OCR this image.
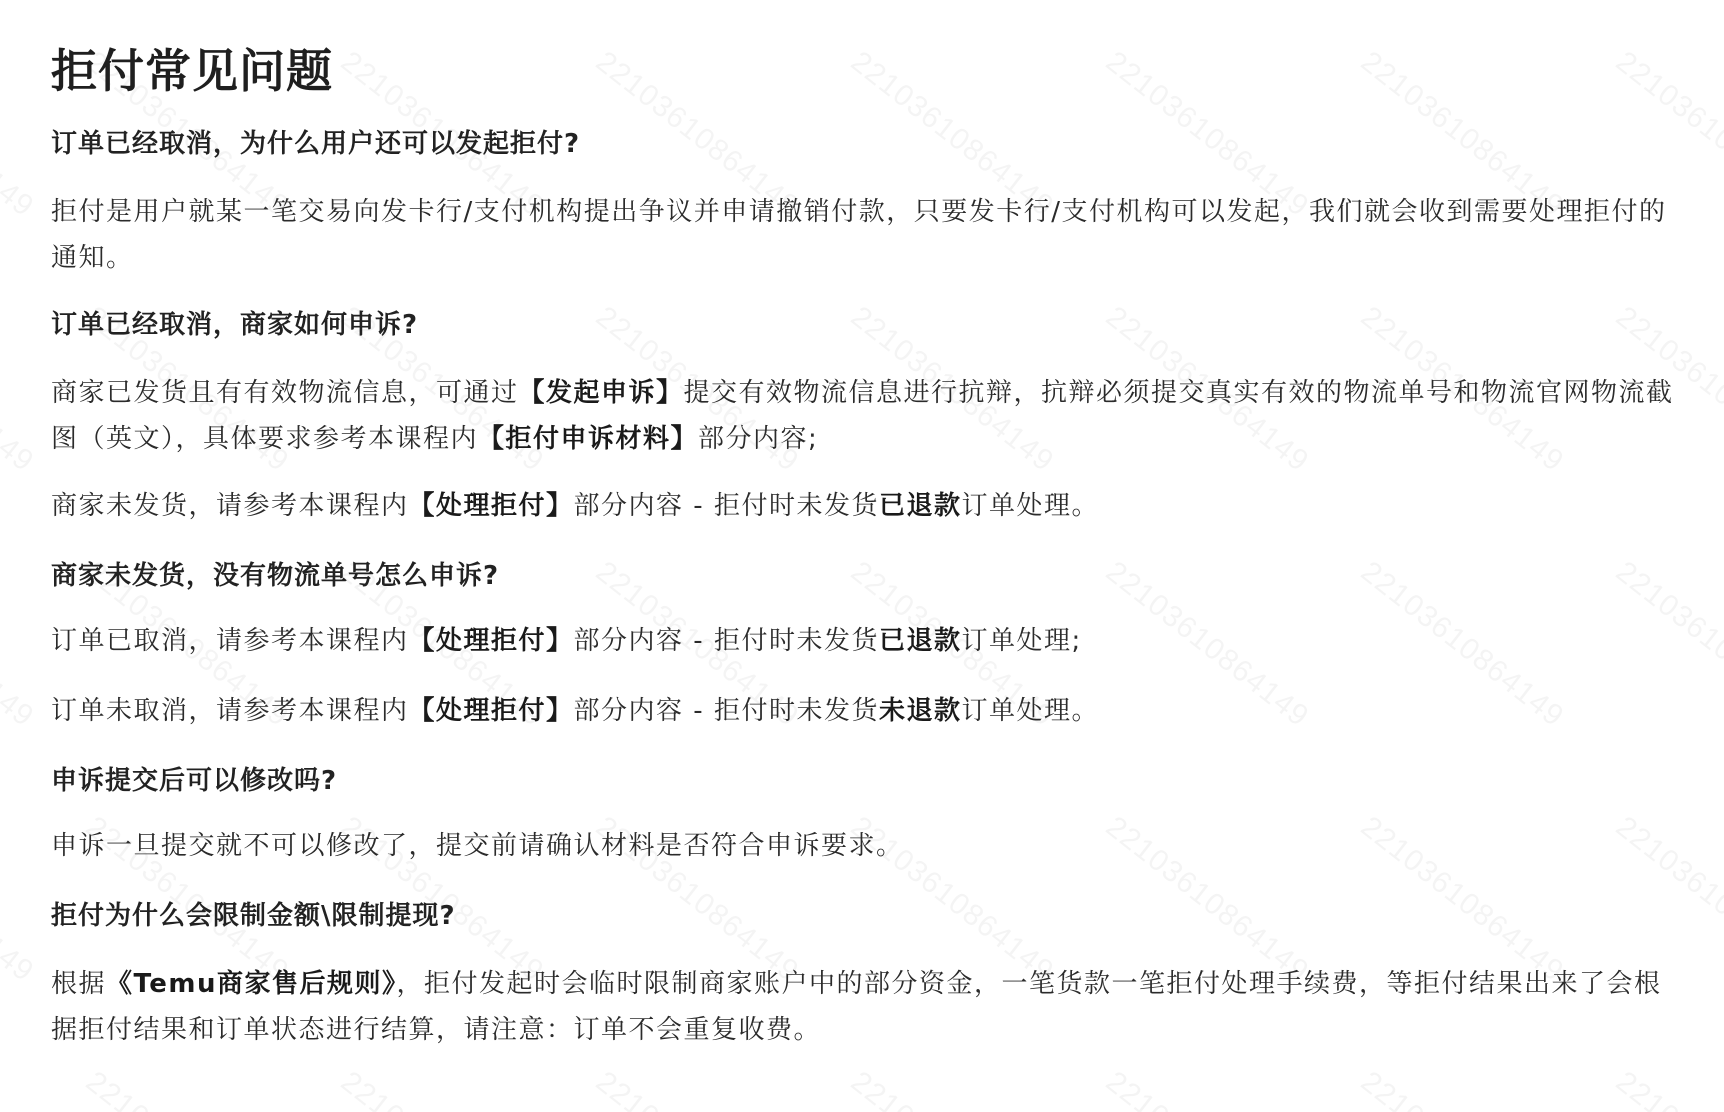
拒付常见问题
订单已经取消，为什么用户还可以发起拒付?

拒付是用户就某一笔交易向发卡行/支付机构提出争议并申请撤销付款，只要发卡行/支付机构可以发起，我们就会收到需要处理拒付的通知。

订单已经取消，商家如何申诉?

商家已发货且有有效物流信息，可通过【发起申诉】提交有效物流信息进行抗辩，抗辩必须提交真实有效的物流单号和物流官网物流截图（英文），具体要求参考本课程内【拒付申诉材料】部分内容;

商家未发货，请参考本课程内【处理拒付】部分内容 - 拒付时未发货已退款订单处理。

商家未发货，没有物流单号怎么申诉?

订单已取消，请参考本课程内【处理拒付】部分内容 - 拒付时未发货已退款订单处理;

订单未取消，请参考本课程内【处理拒付】部分内容 - 拒付时未发货未退款订单处理。

申诉提交后可以修改吗?

申诉一旦提交就不可以修改了，提交前请确认材料是否符合申诉要求。

拒付为什么会限制金额\限制提现?

根据《Temu商家售后规则》，拒付发起时会临时限制商家账户中的部分资金，一笔货款一笔拒付处理手续费，等拒付结果出来了会根据拒付结果和订单状态进行结算，请注意：订单不会重复收费。
